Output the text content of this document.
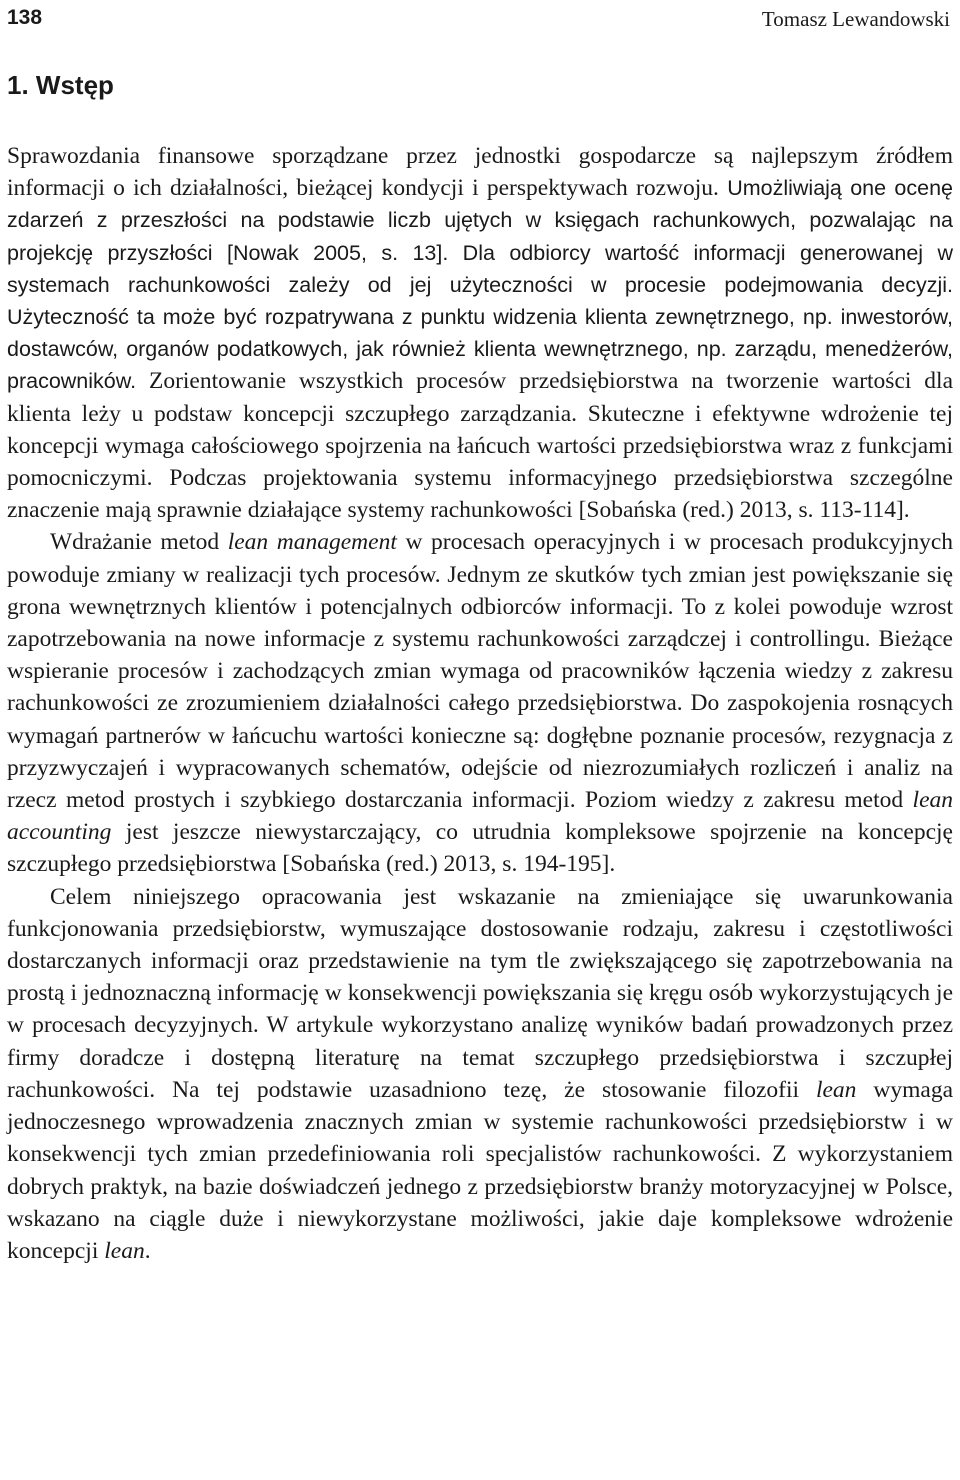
138	Tomasz Lewandowski
1. Wstęp

Sprawozdania finansowe sporządzane przez jednostki gospodarcze są najlepszym źródłem informacji o ich działalności, bieżącej kondycji i perspektywach rozwoju. Umożliwiają one ocenę zdarzeń z przeszłości na podstawie liczb ujętych w księgach rachunkowych, pozwalając na projekcję przyszłości [Nowak 2005, s. 13]. Dla odbiorcy wartość informacji generowanej w systemach rachunkowości zależy od jej użyteczności w procesie podejmowania decyzji. Użyteczność ta może być rozpatrywana z punktu widzenia klienta zewnętrznego, np. inwestorów, dostawców, organów podatkowych, jak również klienta wewnętrznego, np. zarządu, menedżerów, pracowników. Zorientowanie wszystkich procesów przedsiębiorstwa na tworzenie wartości dla klienta leży u podstaw koncepcji szczupłego zarządzania. Skuteczne i efektywne wdrożenie tej koncepcji wymaga całościowego spojrzenia na łańcuch wartości przedsiębiorstwa wraz z funkcjami pomocniczymi. Podczas projektowania systemu informacyjnego przedsiębiorstwa szczególne znaczenie mają sprawnie działające systemy rachunkowości [Sobańska (red.) 2013, s. 113-114].

Wdrażanie metod lean management w procesach operacyjnych i w procesach produkcyjnych powoduje zmiany w realizacji tych procesów. Jednym ze skutków tych zmian jest powiększanie się grona wewnętrznych klientów i potencjalnych odbiorców informacji. To z kolei powoduje wzrost zapotrzebowania na nowe informacje z systemu rachunkowości zarządczej i controllingu. Bieżące wspieranie procesów i zachodzących zmian wymaga od pracowników łączenia wiedzy z zakresu rachunkowości ze zrozumieniem działalności całego przedsiębiorstwa. Do zaspokojenia rosnących wymagań partnerów w łańcuchu wartości konieczne są: dogłębne poznanie procesów, rezygnacja z przyzwyczajeń i wypracowanych schematów, odejście od niezrozumiałych rozliczeń i analiz na rzecz metod prostych i szybkiego dostarczania informacji. Poziom wiedzy z zakresu metod lean accounting jest jeszcze niewystarczający, co utrudnia kompleksowe spojrzenie na koncepcję szczupłego przedsiębiorstwa [Sobańska (red.) 2013, s. 194-195].

Celem niniejszego opracowania jest wskazanie na zmieniające się uwarunkowania funkcjonowania przedsiębiorstw, wymuszające dostosowanie rodzaju, zakresu i częstotliwości dostarczanych informacji oraz przedstawienie na tym tle zwiększającego się zapotrzebowania na prostą i jednoznaczną informację w konsekwencji powiększania się kręgu osób wykorzystujących je w procesach decyzyjnych. W artykule wykorzystano analizę wyników badań prowadzonych przez firmy doradcze i dostępną literaturę na temat szczupłego przedsiębiorstwa i szczupłej rachunkowości. Na tej podstawie uzasadniono tezę, że stosowanie filozofii lean wymaga jednoczesnego wprowadzenia znacznych zmian w systemie rachunkowości przedsiębiorstw i w konsekwencji tych zmian przedefiniowania roli specjalistów rachunkowości. Z wykorzystaniem dobrych praktyk, na bazie doświadczeń jednego z przedsiębiorstw branży motoryzacyjnej w Polsce, wskazano na ciągle duże i niewykorzystane możliwości, jakie daje kompleksowe wdrożenie koncepcji lean.
